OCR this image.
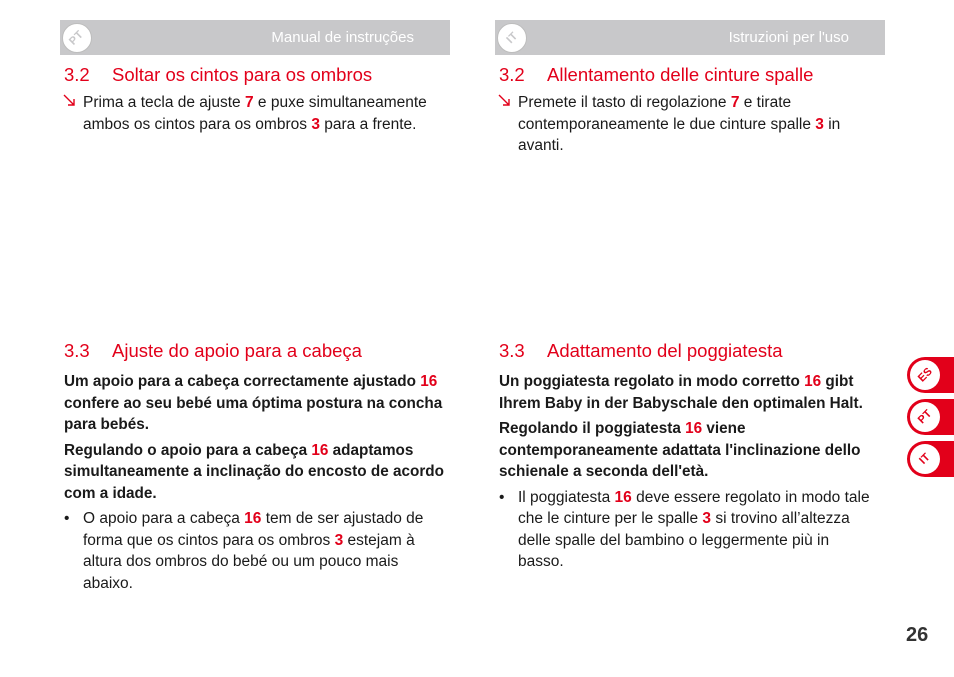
PT	Manual de instruções
3.2 Soltar os cintos para os ombros

Prima a tecla de ajuste 7 e puxe simultaneamente ambos os cintos para os ombros 3 para a frente.

3.3 Ajuste do apoio para a cabeça

Um apoio para a cabeça correctamente ajustado 16 confere ao seu bebé uma óptima postura na concha para bebés.

Regulando o apoio para a cabeça 16 adaptamos simultaneamente a inclinação do encosto de acordo com a idade.

• O apoio para a cabeça 16 tem de ser ajustado de forma que os cintos para os ombros 3 estejam à altura dos ombros do bebé ou um pouco mais abaixo.

IT	Istruzioni per l'uso
3.2 Allentamento delle cinture spalle

Premete il tasto di regolazione 7 e tirate contemporaneamente le due cinture spalle 3 in avanti.

3.3 Adattamento del poggiatesta

Un poggiatesta regolato in modo corretto 16 gibt Ihrem Baby in der Babyschale den optimalen Halt.

Regolando il poggiatesta 16 viene contemporaneamente adattata l'inclinazione dello schienale a seconda dell'età.

• Il poggiatesta 16 deve essere regolato in modo tale che le cinture per le spalle 3 si trovino all’altezza delle spalle del bambino o leggermente più in basso.

ES
PT
IT
26
